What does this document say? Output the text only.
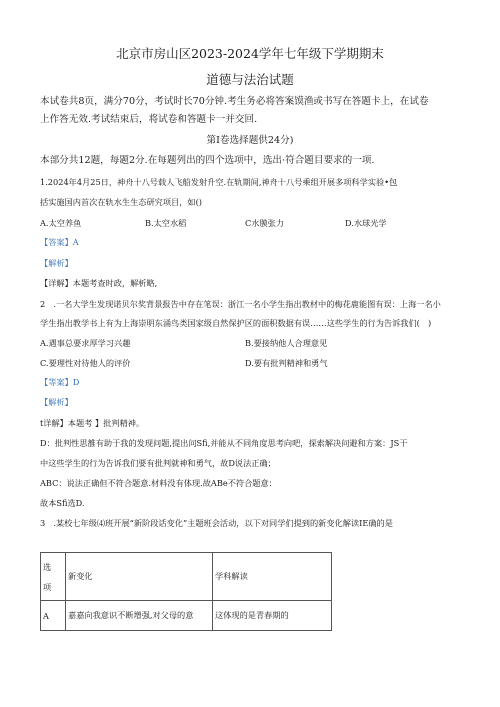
北京市房山区2023-2024学年七年级下学期期末
道德与法治试题
本试卷共8页，满分70分，考试时长70分钟.考生务必将答案馍渔或书写在答题卡上，在试卷
上作答无效.考试结束后，将试卷和答题卡一并交回.
第I卷选择题供24分)
本部分共12题，每题2分.在每题列出的四个选项中，选出·符合题目要求的一项.
1.2024年4月25日，神舟十八号载人飞船发射升空.在轨期间,神舟十八号乘组开展多项科学实验•包
括实施国内首次在轨水生生态研究项目，如()
A.太空养鱼	B.太空水稻	C水膜张力	D.水球光学
【答案】A
【解析】
【详解】本题考查时政，解析略,
2　.一名大学生发现诺贝尔奖背景报告中存在笔误：浙江一名小学生指出教材中的梅花鹿能图有误：上海一名小
学生指出教学书上有为上海崇明东涌鸟类国家级自然保护区的面积数据有误……这些学生的行为告诉我们(　)
A.遇事总要求厚学习兴趣	B.要接纳他人合理意见
C.要理性对待他人的评价	D.要有批判精神和勇气
【等案】D
【解析】
t详解】本题考 】批判精神。
D：批判性思雒有助于我的发现问题,提出问Sfi,并能从不同角度思考向吧，探索解决问避和方案：JS干
中这些学生的行为告诉我们要有批判就神和勇气，故D说法正确；
ABC：说法正确但不符合题意.材料没有体现.故ABe不符合题意：
故本Sfi选D.
3　.某校七年级⑷班开展“新阶段话变化”主题班会活动，以下对同学们提到的新变化解读IE确的是
选
项	新变化	学科解读
A	嘉嘉向我意识不断增强,对父母的意	这体现的是青春期的
